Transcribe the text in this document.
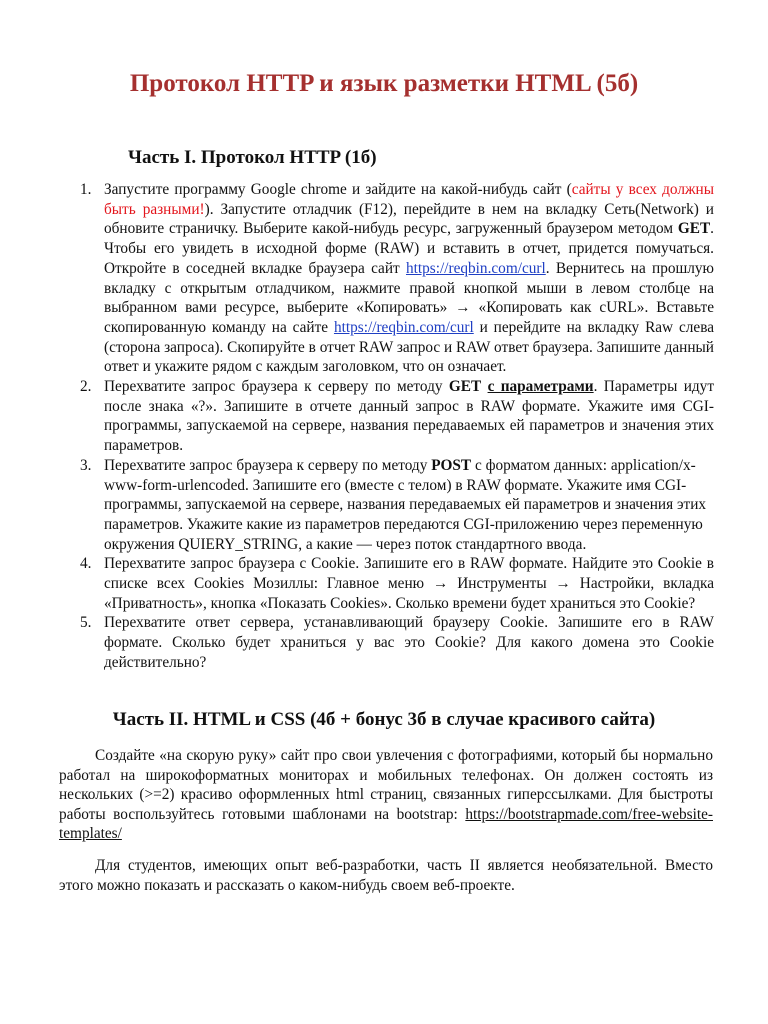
Протокол HTTP и язык разметки HTML (5б)
Часть I. Протокол HTTP (1б)
1. Запустите программу Google chrome и зайдите на какой-нибудь сайт (сайты у всех должны быть разными!). Запустите отладчик (F12), перейдите в нем на вкладку Сеть(Network) и обновите страничку. Выберите какой-нибудь ресурс, загруженный браузером методом GET. Чтобы его увидеть в исходной форме (RAW) и вставить в отчет, придется помучаться. Откройте в соседней вкладке браузера сайт https://reqbin.com/curl. Вернитесь на прошлую вкладку с открытым отладчиком, нажмите правой кнопкой мыши в левом столбце на выбранном вами ресурсе, выберите «Копировать» → «Копировать как cURL». Вставьте скопированную команду на сайте https://reqbin.com/curl и перейдите на вкладку Raw слева (сторона запроса). Скопируйте в отчет RAW запрос и RAW ответ браузера. Запишите данный ответ и укажите рядом с каждым заголовком, что он означает.
2. Перехватите запрос браузера к серверу по методу GET с параметрами. Параметры идут после знака «?». Запишите в отчете данный запрос в RAW формате. Укажите имя CGI-программы, запускаемой на сервере, названия передаваемых ей параметров и значения этих параметров.
3. Перехватите запрос браузера к серверу по методу POST с форматом данных: application/x-www-form-urlencoded. Запишите его (вместе с телом) в RAW формате. Укажите имя CGI-программы, запускаемой на сервере, названия передаваемых ей параметров и значения этих параметров. Укажите какие из параметров передаются CGI-приложению через переменную окружения QUIERY_STRING, а какие — через поток стандартного ввода.
4. Перехватите запрос браузера с Cookie. Запишите его в RAW формате. Найдите это Cookie в списке всех Cookies Мозиллы: Главное меню → Инструменты → Настройки, вкладка «Приватность», кнопка «Показать Cookies». Сколько времени будет храниться это Cookie?
5. Перехватите ответ сервера, устанавливающий браузеру Cookie. Запишите его в RAW формате. Сколько будет храниться у вас это Cookie? Для какого домена это Cookie действительно?
Часть II. HTML и CSS (4б + бонус 3б в случае красивого сайта)

Создайте «на скорую руку» сайт про свои увлечения с фотографиями, который бы нормально работал на широкоформатных мониторах и мобильных телефонах. Он должен состоять из нескольких (>=2) красиво оформленных html страниц, связанных гиперссылками. Для быстроты работы воспользуйтесь готовыми шаблонами на bootstrap: https://bootstrapmade.com/free-website-templates/

Для студентов, имеющих опыт веб-разработки, часть II является необязательной. Вместо этого можно показать и рассказать о каком-нибудь своем веб-проекте.
